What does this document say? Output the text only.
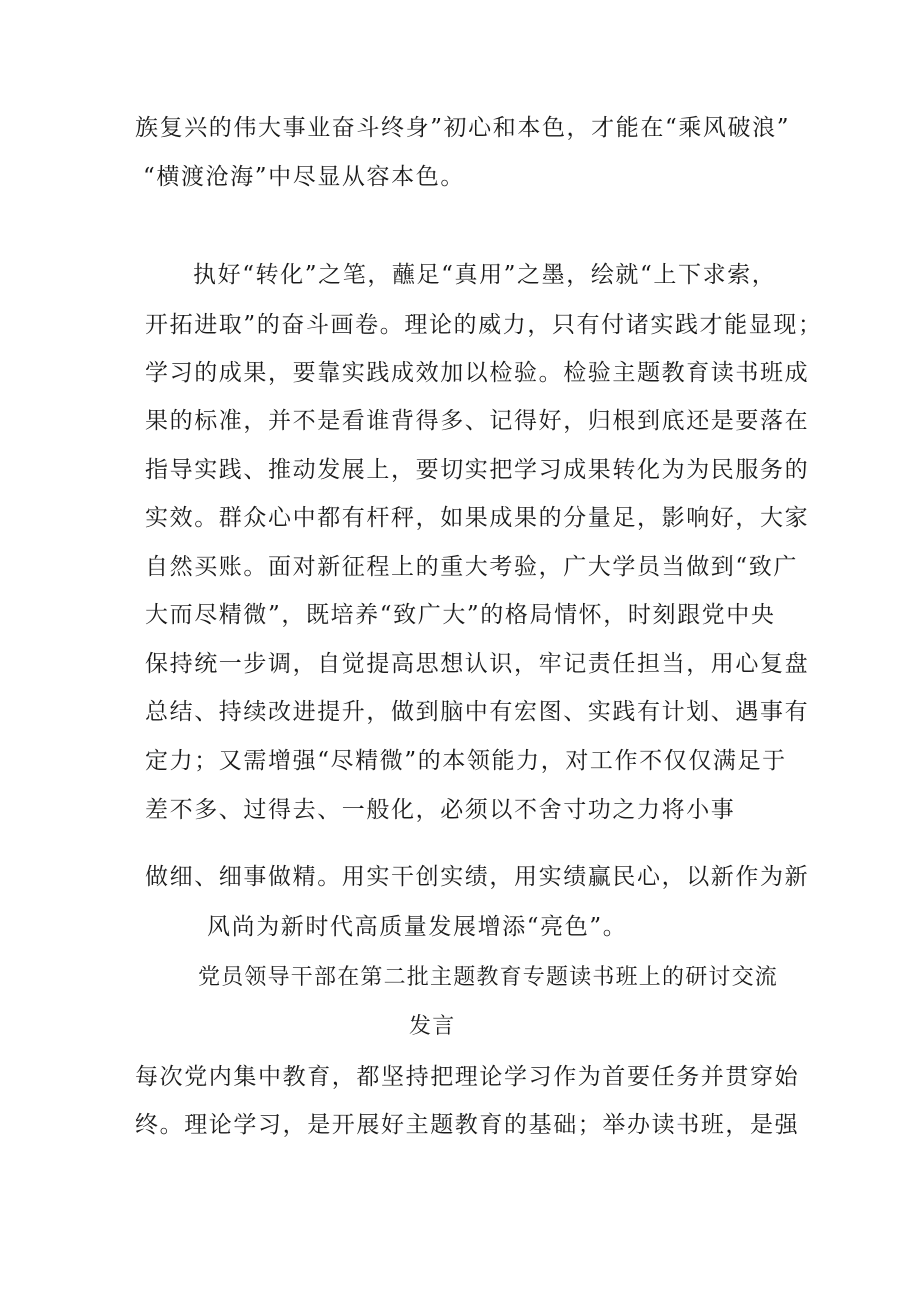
族复兴的伟大事业奋斗终身”初心和本色，才能在“乘风破浪”
“横渡沧海”中尽显从容本色。
执好“转化”之笔，蘸足“真用”之墨，绘就“上下求索，
开拓进取”的奋斗画卷。理论的威力，只有付诸实践才能显现；
学习的成果，要靠实践成效加以检验。检验主题教育读书班成
果的标准，并不是看谁背得多、记得好，归根到底还是要落在
指导实践、推动发展上，要切实把学习成果转化为为民服务的
实效。群众心中都有杆秤，如果成果的分量足，影响好，大家
自然买账。面对新征程上的重大考验，广大学员当做到“致广
大而尽精微”，既培养“致广大”的格局情怀，时刻跟党中央
保持统一步调，自觉提高思想认识，牢记责任担当，用心复盘
总结、持续改进提升，做到脑中有宏图、实践有计划、遇事有
定力；又需增强“尽精微”的本领能力，对工作不仅仅满足于
差不多、过得去、一般化，必须以不舍寸功之力将小事
做细、细事做精。用实干创实绩，用实绩赢民心，以新作为新
风尚为新时代高质量发展增添“亮色”。
党员领导干部在第二批主题教育专题读书班上的研讨交流
发言
每次党内集中教育，都坚持把理论学习作为首要任务并贯穿始
终。理论学习，是开展好主题教育的基础；举办读书班，是强
